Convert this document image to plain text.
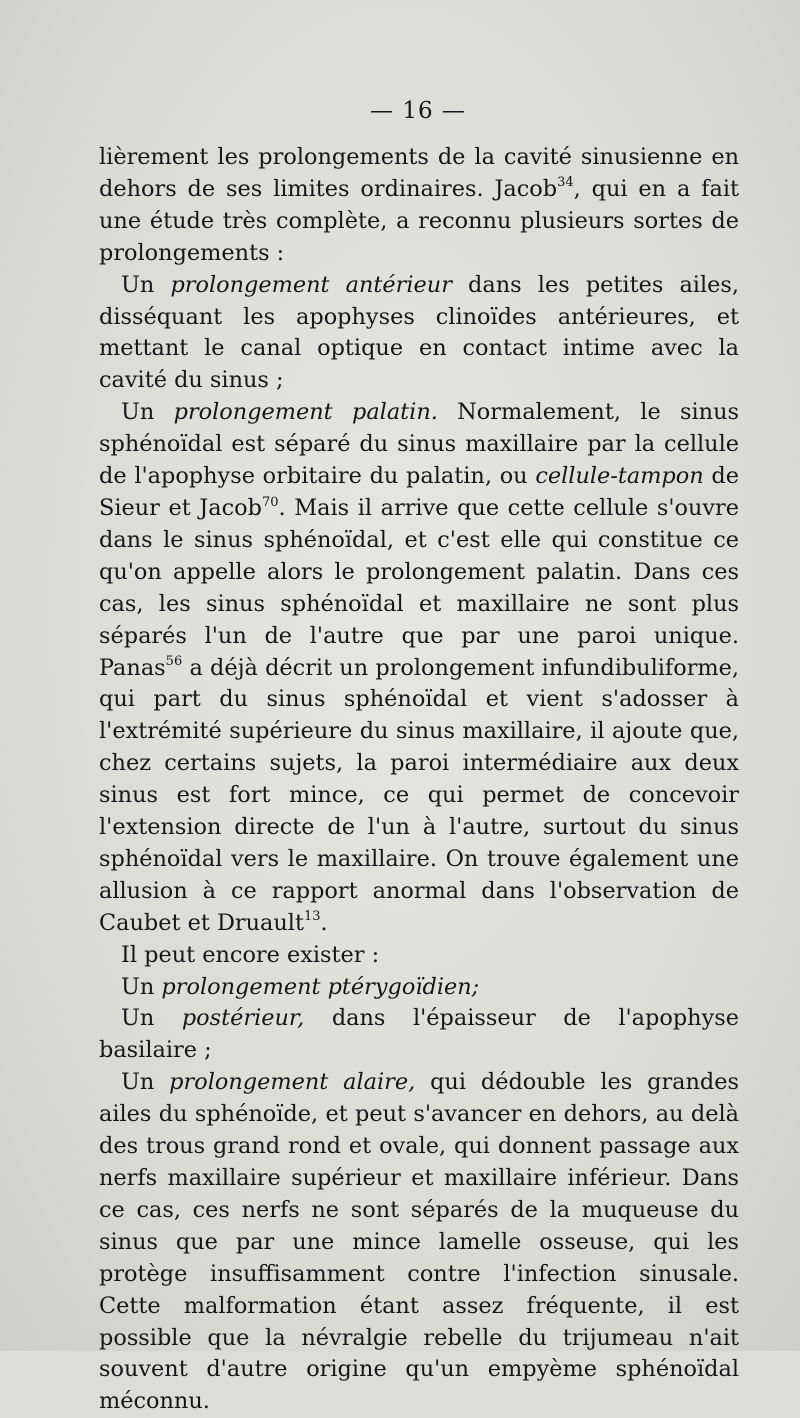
— 16 —

lièrement les prolongements de la cavité sinusienne en dehors de ses limites ordinaires. Jacob$^{34}$, qui en a fait une étude très complète, a reconnu plusieurs sortes de prolongements :

Un prolongement antérieur dans les petites ailes, disséquant les apophyses clinoïdes antérieures, et mettant le canal optique en contact intime avec la cavité du sinus ;

Un prolongement palatin. Normalement, le sinus sphénoïdal est séparé du sinus maxillaire par la cellule de l'apophyse orbitaire du palatin, ou cellule-tampon de Sieur et Jacob$^{70}$. Mais il arrive que cette cellule s'ouvre dans le sinus sphénoïdal, et c'est elle qui constitue ce qu'on appelle alors le prolongement palatin. Dans ces cas, les sinus sphénoïdal et maxillaire ne sont plus séparés l'un de l'autre que par une paroi unique. Panas$^{56}$ a déjà décrit un prolongement infundibuliforme, qui part du sinus sphénoïdal et vient s'adosser à l'extrémité supérieure du sinus maxillaire, il ajoute que, chez certains sujets, la paroi intermédiaire aux deux sinus est fort mince, ce qui permet de concevoir l'extension directe de l'un à l'autre, surtout du sinus sphénoïdal vers le maxillaire. On trouve également une allusion à ce rapport anormal dans l'observation de Caubet et Druault$^{13}$.

Il peut encore exister :

Un prolongement ptérygoïdien;

Un postérieur, dans l'épaisseur de l'apophyse basilaire ;

Un prolongement alaire, qui dédouble les grandes ailes du sphénoïde, et peut s'avancer en dehors, au delà des trous grand rond et ovale, qui donnent passage aux nerfs maxillaire supérieur et maxillaire inférieur. Dans ce cas, ces nerfs ne sont séparés de la muqueuse du sinus que par une mince lamelle osseuse, qui les protège insuffisamment contre l'infection sinusale. Cette malformation étant assez fréquente, il est possible que la névralgie rebelle du trijumeau n'ait souvent d'autre origine qu'un empyème sphénoïdal méconnu.
